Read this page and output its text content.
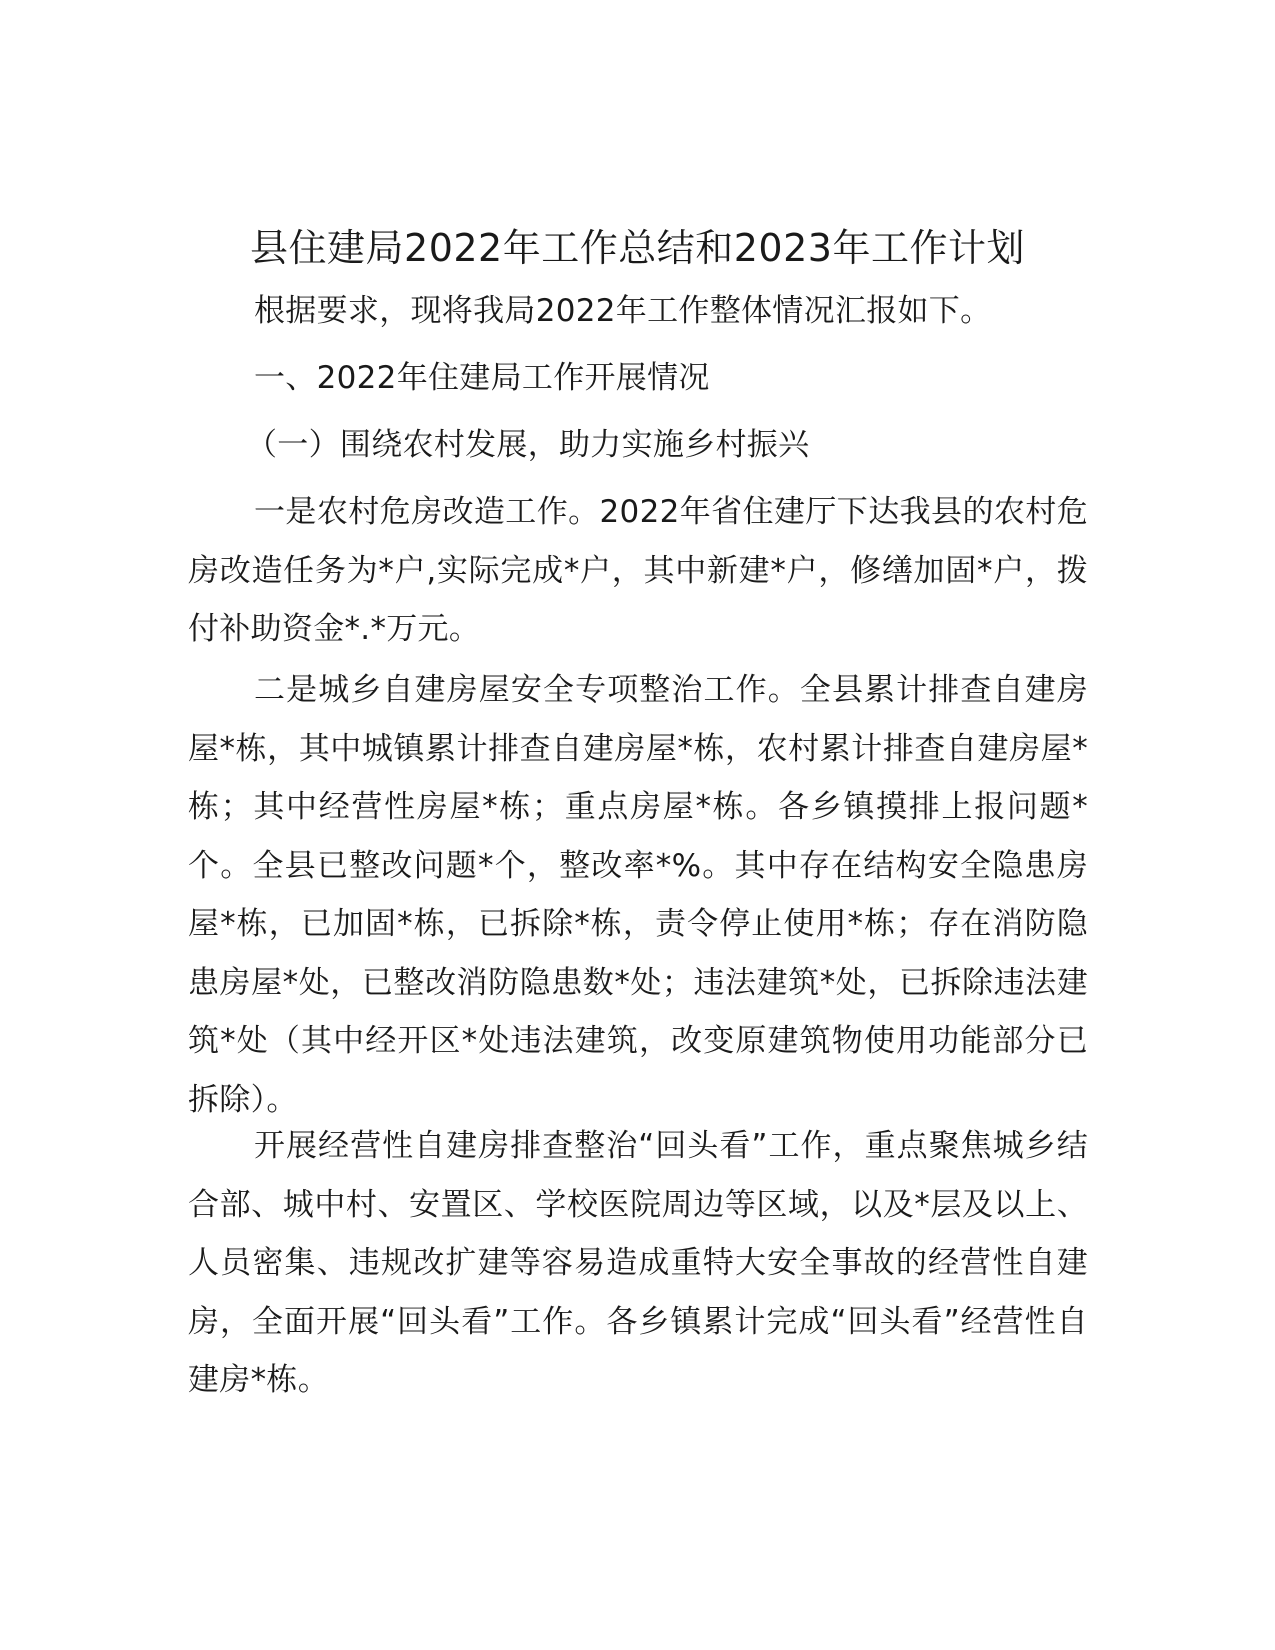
县住建局2022年工作总结和2023年工作计划

根据要求，现将我局2022年工作整体情况汇报如下。

一、2022年住建局工作开展情况

（一）围绕农村发展，助力实施乡村振兴

一是农村危房改造工作。2022年省住建厅下达我县的农村危房改造任务为*户,实际完成*户，其中新建*户，修缮加固*户，拨付补助资金*.*万元。

二是城乡自建房屋安全专项整治工作。全县累计排查自建房屋*栋，其中城镇累计排查自建房屋*栋，农村累计排查自建房屋*栋；其中经营性房屋*栋；重点房屋*栋。各乡镇摸排上报问题*个。全县已整改问题*个，整改率*%。其中存在结构安全隐患房屋*栋，已加固*栋，已拆除*栋，责令停止使用*栋；存在消防隐患房屋*处，已整改消防隐患数*处；违法建筑*处，已拆除违法建筑*处（其中经开区*处违法建筑，改变原建筑物使用功能部分已拆除）。

开展经营性自建房排查整治“回头看”工作，重点聚焦城乡结合部、城中村、安置区、学校医院周边等区域，以及*层及以上、人员密集、违规改扩建等容易造成重特大安全事故的经营性自建房，全面开展“回头看”工作。各乡镇累计完成“回头看”经营性自建房*栋。
